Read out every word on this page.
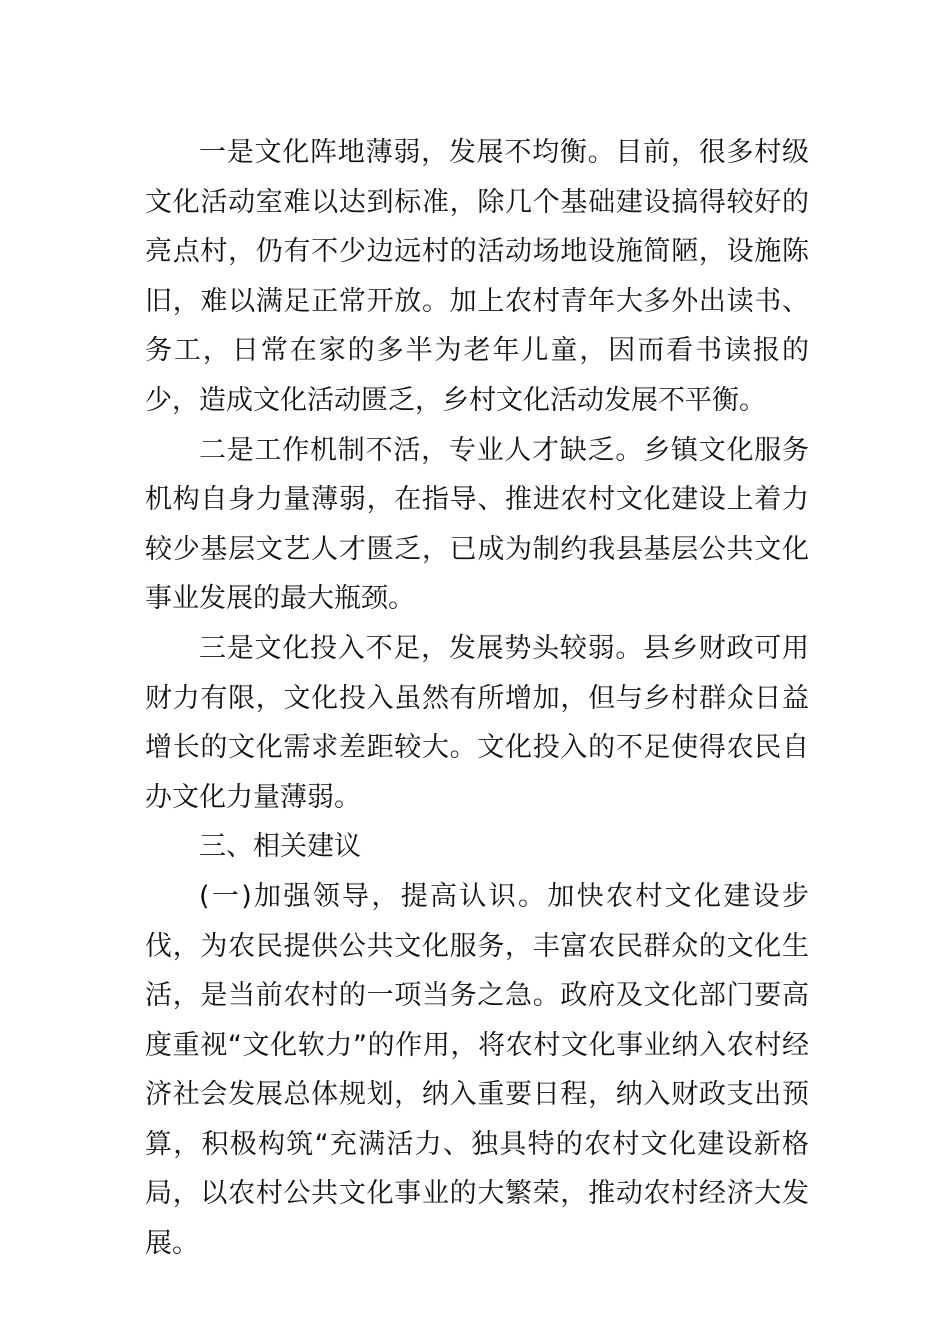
一是文化阵地薄弱，发展不均衡。目前，很多村级文化活动室难以达到标准，除几个基础建设搞得较好的亮点村，仍有不少边远村的活动场地设施简陋，设施陈旧，难以满足正常开放。加上农村青年大多外出读书、务工，日常在家的多半为老年儿童，因而看书读报的少，造成文化活动匮乏，乡村文化活动发展不平衡。

二是工作机制不活，专业人才缺乏。乡镇文化服务机构自身力量薄弱，在指导、推进农村文化建设上着力较少基层文艺人才匮乏，已成为制约我县基层公共文化事业发展的最大瓶颈。

三是文化投入不足，发展势头较弱。县乡财政可用财力有限，文化投入虽然有所增加，但与乡村群众日益增长的文化需求差距较大。文化投入的不足使得农民自办文化力量薄弱。

三、相关建议

(一)加强领导，提高认识。加快农村文化建设步伐，为农民提供公共文化服务，丰富农民群众的文化生活，是当前农村的一项当务之急。政府及文化部门要高度重视“文化软力”的作用，将农村文化事业纳入农村经济社会发展总体规划，纳入重要日程，纳入财政支出预算，积极构筑“充满活力、独具特的农村文化建设新格局，以农村公共文化事业的大繁荣，推动农村经济大发展。
